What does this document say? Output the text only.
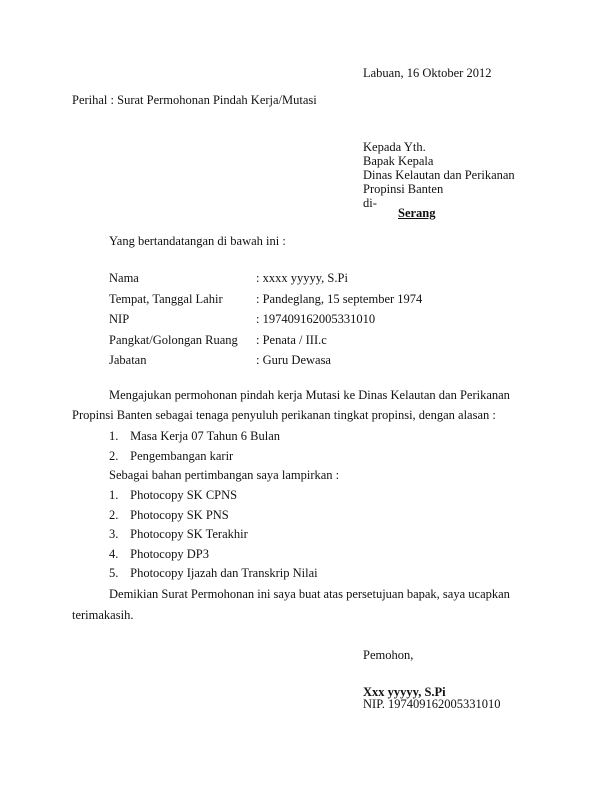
Labuan, 16 Oktober 2012
Perihal : Surat Permohonan Pindah Kerja/Mutasi
Kepada Yth.
Bapak Kepala
Dinas Kelautan dan Perikanan
Propinsi Banten
di-
Serang
Yang bertandatangan di bawah ini :
Nama	: xxxx yyyyy, S.Pi
Tempat, Tanggal Lahir	: Pandeglang, 15 september 1974
NIP	: 197409162005331010
Pangkat/Golongan Ruang	: Penata / III.c
Jabatan	: Guru Dewasa
Mengajukan permohonan pindah kerja Mutasi ke Dinas Kelautan dan Perikanan
Propinsi Banten sebagai tenaga penyuluh perikanan tingkat propinsi, dengan alasan :
1. Masa Kerja 07 Tahun 6 Bulan
2. Pengembangan karir
Sebagai bahan pertimbangan saya lampirkan :
1. Photocopy SK CPNS
2. Photocopy SK PNS
3. Photocopy SK Terakhir
4. Photocopy DP3
5. Photocopy Ijazah dan Transkrip Nilai
Demikian Surat Permohonan ini saya buat atas persetujuan bapak, saya ucapkan
terimakasih.
Pemohon,
Xxx yyyyy, S.Pi
NIP. 197409162005331010
